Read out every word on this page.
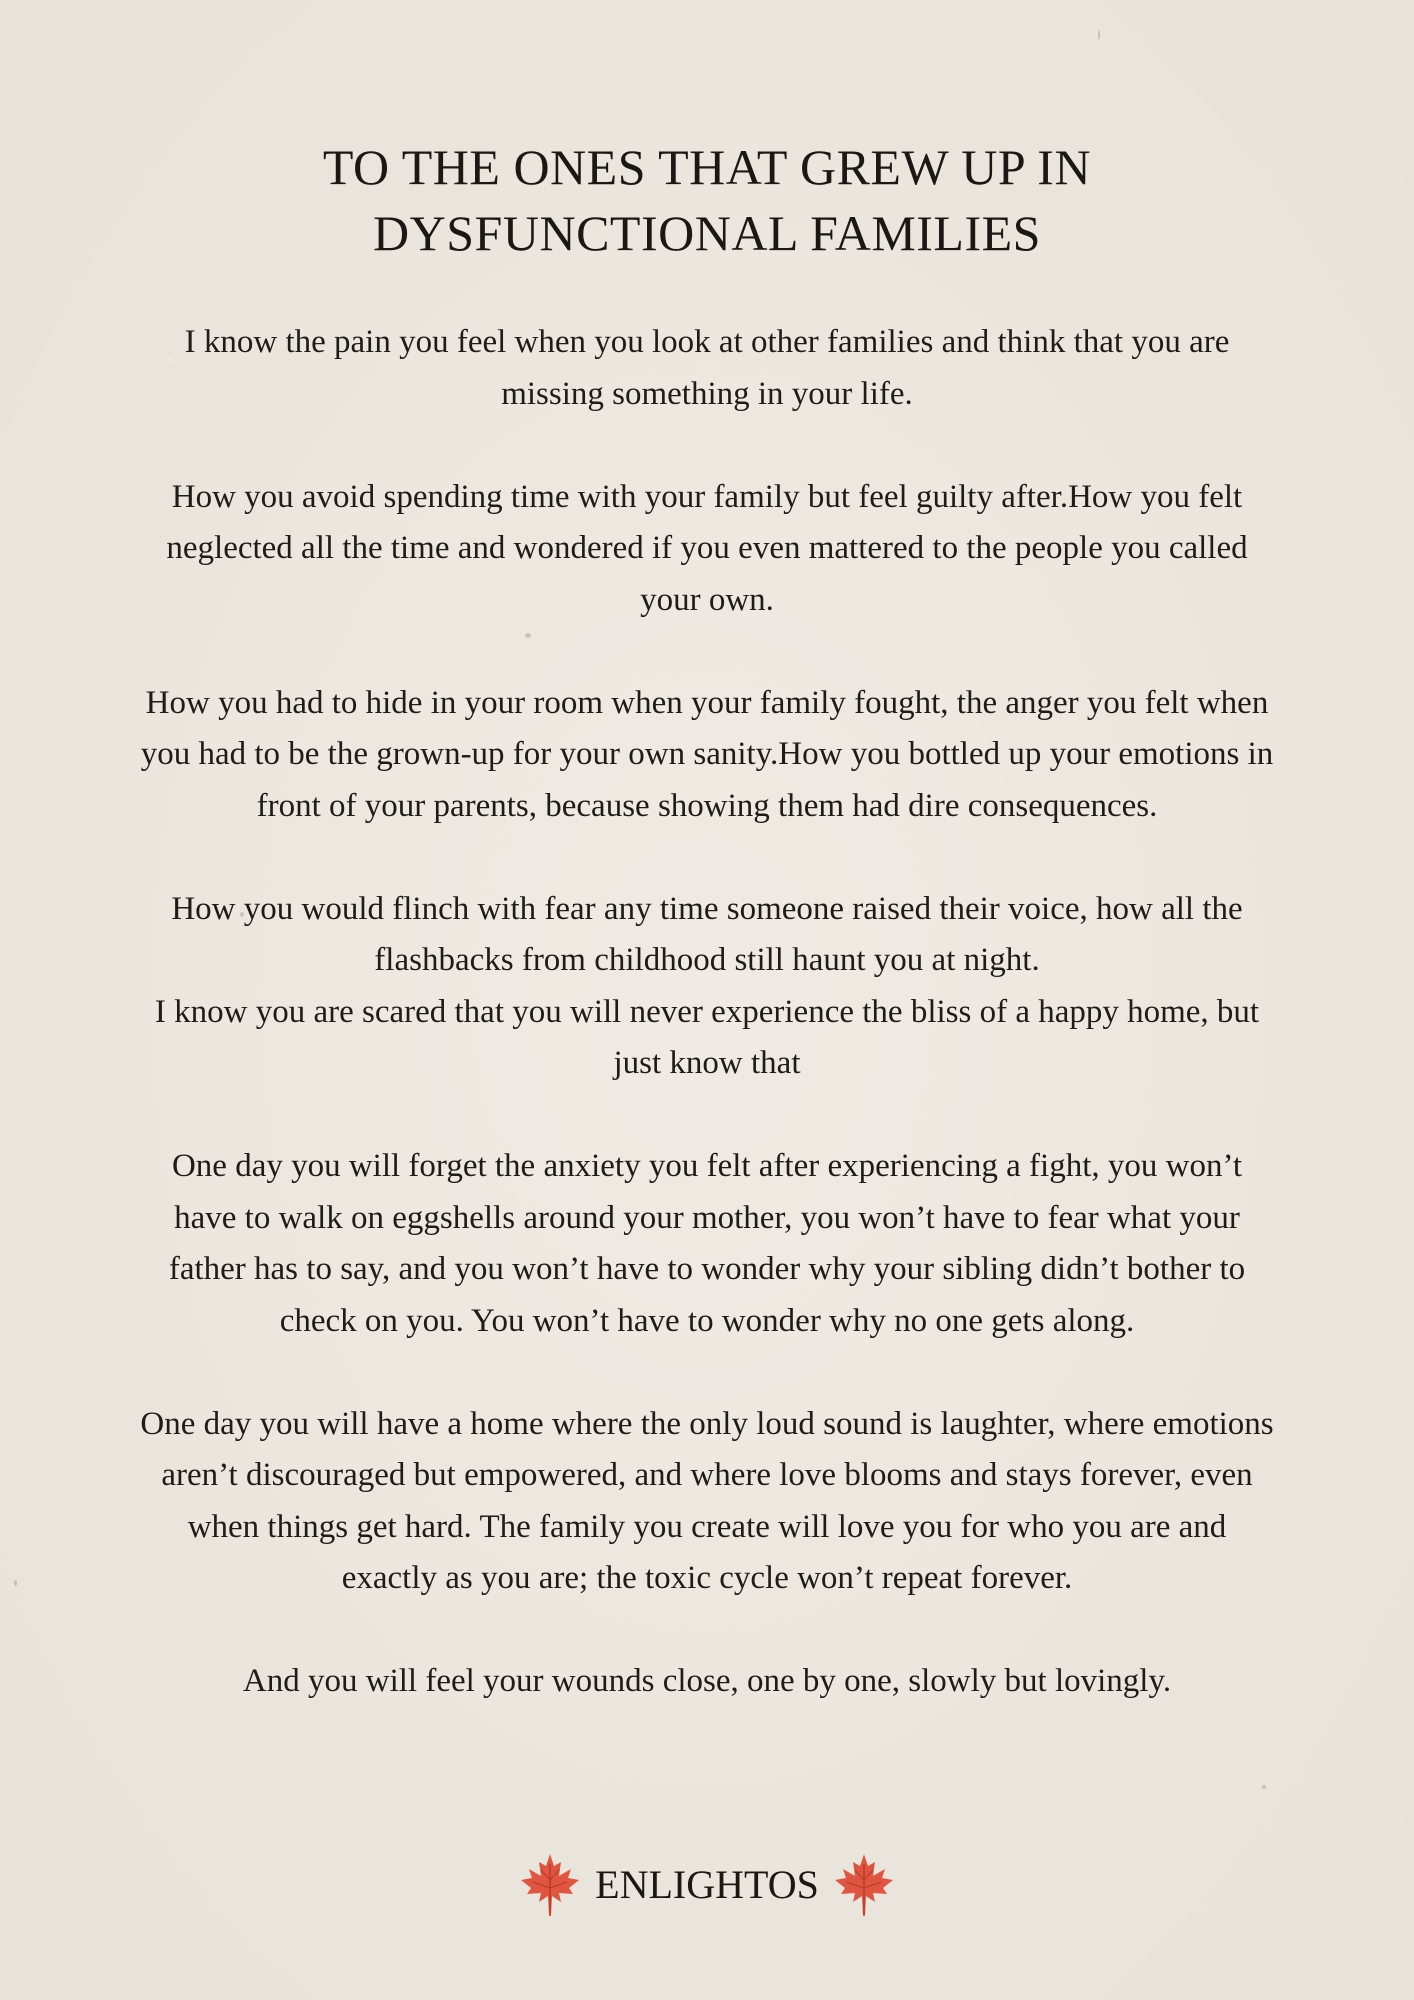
TO THE ONES THAT GREW UP IN DYSFUNCTIONAL FAMILIES

I know the pain you feel when you look at other families and think that you are missing something in your life.

How you avoid spending time with your family but feel guilty after.How you felt neglected all the time and wondered if you even mattered to the people you called your own.

How you had to hide in your room when your family fought, the anger you felt when you had to be the grown-up for your own sanity.How you bottled up your emotions in front of your parents, because showing them had dire consequences.

How you would flinch with fear any time someone raised their voice, how all the flashbacks from childhood still haunt you at night.

I know you are scared that you will never experience the bliss of a happy home, but just know that

One day you will forget the anxiety you felt after experiencing a fight, you won’t have to walk on eggshells around your mother, you won’t have to fear what your father has to say, and you won’t have to wonder why your sibling didn’t bother to check on you. You won’t have to wonder why no one gets along.

One day you will have a home where the only loud sound is laughter, where emotions aren’t discouraged but empowered, and where love blooms and stays forever, even when things get hard. The family you create will love you for who you are and exactly as you are; the toxic cycle won’t repeat forever.

And you will feel your wounds close, one by one, slowly but lovingly.

ENLIGHTOS
